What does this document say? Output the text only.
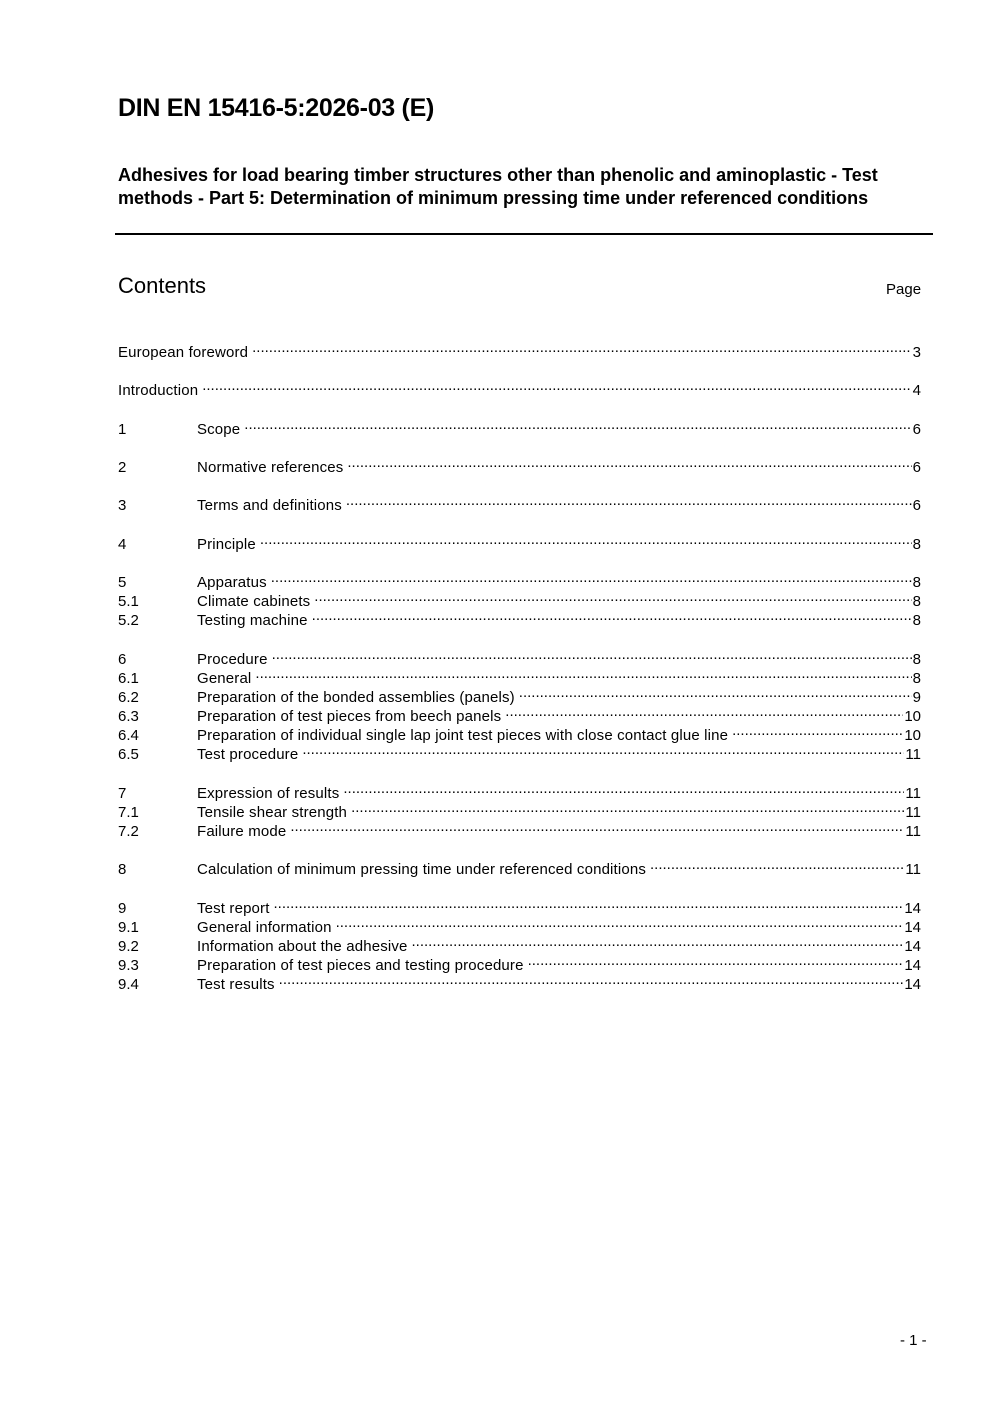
DIN EN 15416-5:2026-03 (E)
Adhesives for load bearing timber structures other than phenolic and aminoplastic - Test methods - Part 5: Determination of minimum pressing time under referenced conditions
Contents	Page
European foreword .....	3
Introduction .....	4
1	Scope .....	6
2	Normative references .....	6
3	Terms and definitions .....	6
4	Principle .....	8
5	Apparatus .....	8
5.1	Climate cabinets .....	8
5.2	Testing machine .....	8
6	Procedure .....	8
6.1	General .....	8
6.2	Preparation of the bonded assemblies (panels) .....	9
6.3	Preparation of test pieces from beech panels .....	10
6.4	Preparation of individual single lap joint test pieces with close contact glue line .....	10
6.5	Test procedure .....	11
7	Expression of results .....	11
7.1	Tensile shear strength .....	11
7.2	Failure mode .....	11
8	Calculation of minimum pressing time under referenced conditions .....	11
9	Test report .....	14
9.1	General information .....	14
9.2	Information about the adhesive .....	14
9.3	Preparation of test pieces and testing procedure .....	14
9.4	Test results .....	14
- 1 -
